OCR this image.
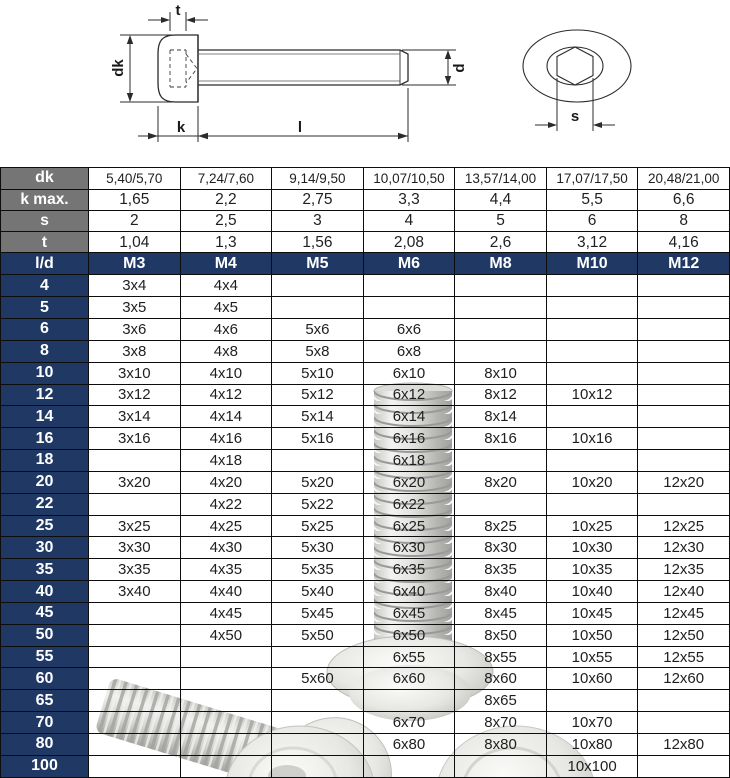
t
dk
k	l
d
s
dk	5,40/5,70	7,24/7,60	9,14/9,50	10,07/10,50	13,57/14,00	17,07/17,50	20,48/21,00
k max.	1,65	2,2	2,75	3,3	4,4	5,5	6,6
s	2	2,5	3	4	5	6	8
t	1,04	1,3	1,56	2,08	2,6	3,12	4,16
l/d	M3	M4	M5	M6	M8	M10	M12
4	3x4	4x4					
5	3x5	4x5					
6	3x6	4x6	5x6	6x6			
8	3x8	4x8	5x8	6x8			
10	3x10	4x10	5x10	6x10	8x10		
12	3x12	4x12	5x12	6x12	8x12	10x12	
14	3x14	4x14	5x14	6x14	8x14		
16	3x16	4x16	5x16	6x16	8x16	10x16	
18		4x18		6x18			
20	3x20	4x20	5x20	6x20	8x20	10x20	12x20
22		4x22	5x22	6x22			
25	3x25	4x25	5x25	6x25	8x25	10x25	12x25
30	3x30	4x30	5x30	6x30	8x30	10x30	12x30
35	3x35	4x35	5x35	6x35	8x35	10x35	12x35
40	3x40	4x40	5x40	6x40	8x40	10x40	12x40
45		4x45	5x45	6x45	8x45	10x45	12x45
50		4x50	5x50	6x50	8x50	10x50	12x50
55				6x55	8x55	10x55	12x55
60			5x60	6x60	8x60	10x60	12x60
65					8x65		
70				6x70	8x70	10x70	
80				6x80	8x80	10x80	12x80
100						10x100	
